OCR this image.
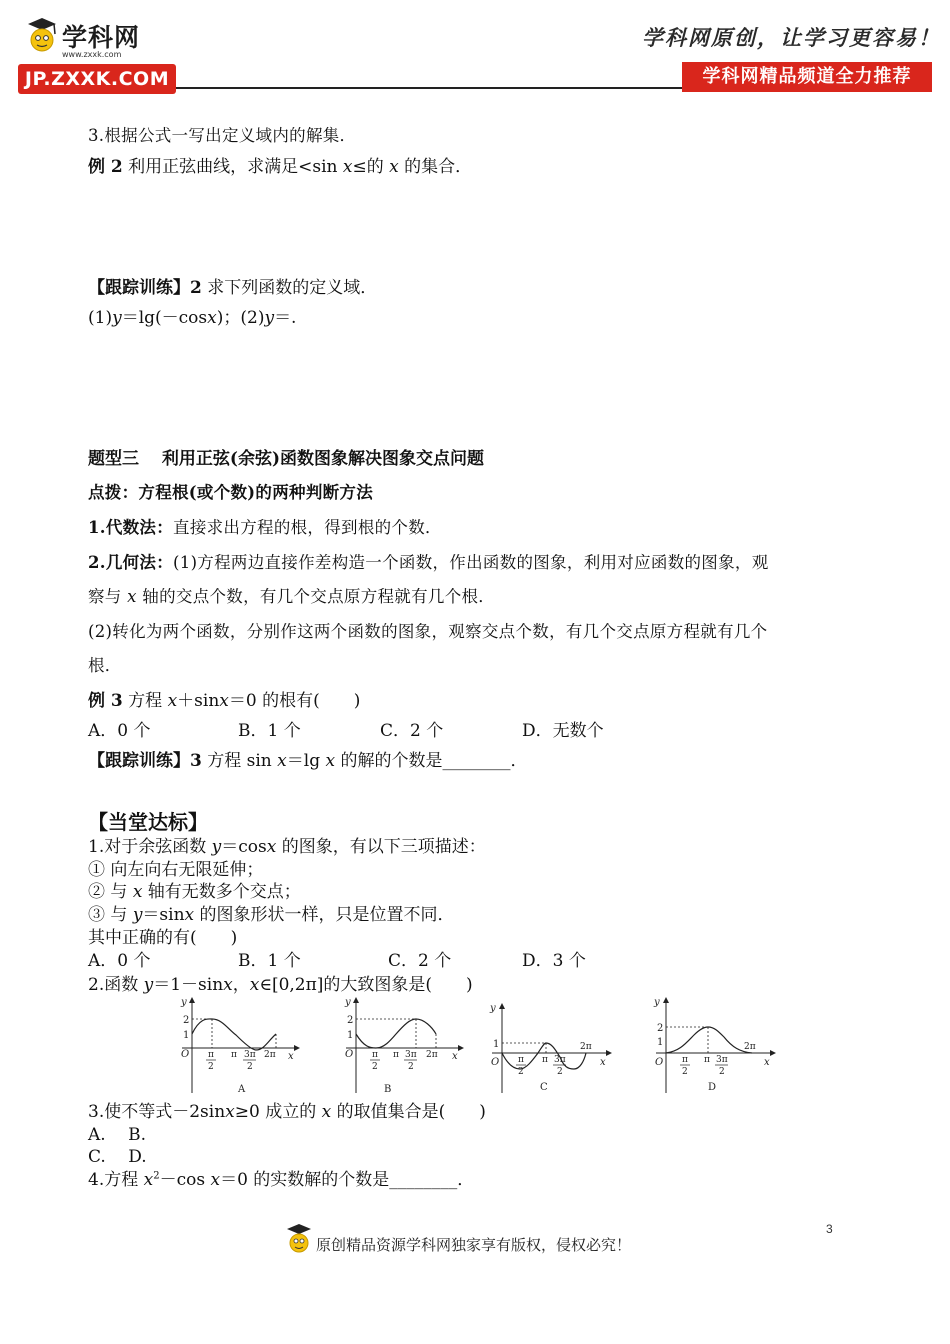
学科网
www.zxxk.com
JP.ZXXK.COM
学科网原创，让学习更容易！
学科网精品频道全力推荐
3.根据公式一写出定义域内的解集．
例 2 利用正弦曲线，求满足<sin x≤的 x 的集合．
【跟踪训练】2 求下列函数的定义域．
(1)y＝lg(－cosx)；(2)y＝.
题型三　 利用正弦(余弦)函数图象解决图象交点问题
点拨：方程根(或个数)的两种判断方法
1.代数法：直接求出方程的根，得到根的个数．
2.几何法：(1)方程两边直接作差构造一个函数，作出函数的图象，利用对应函数的图象，观
察与 x 轴的交点个数，有几个交点原方程就有几个根．
(2)转化为两个函数，分别作这两个函数的图象，观察交点个数，有几个交点原方程就有几个
根．
例 3 方程 x＋sinx＝0 的根有(　　)
A．0 个	B．1 个	C．2 个	D．无数个
【跟踪训练】3 方程 sin x＝lg x 的解的个数是________．
【当堂达标】
1.对于余弦函数 y＝cosx 的图象，有以下三项描述：
① 向左向右无限延伸；
② 与 x 轴有无数多个交点；
③ 与 y＝sinx 的图象形状一样，只是位置不同．
其中正确的有(　　)
A．0 个	B．1 个	C．2 个	D．3 个
2.函数 y＝1－sinx，x∈[0,2π]的大致图象是(　　)
y
x
O
1
2
π
2
π 3π
2
2π
A
y
x
O
1
2
π
2
π 3π
2
2π
B
y
x
O
1
π
2
π 3π
2
2π
C
y
x
O
1
2
π
2
π 3π
2
2π
D
3.使不等式－2sinx≥0 成立的 x 的取值集合是(　　)
A.　 B.
C.　 D.
4.方程 $x^2-\cos$ x＝0 的实数解的个数是________．
3
原创精品资源学科网独家享有版权，侵权必究！
